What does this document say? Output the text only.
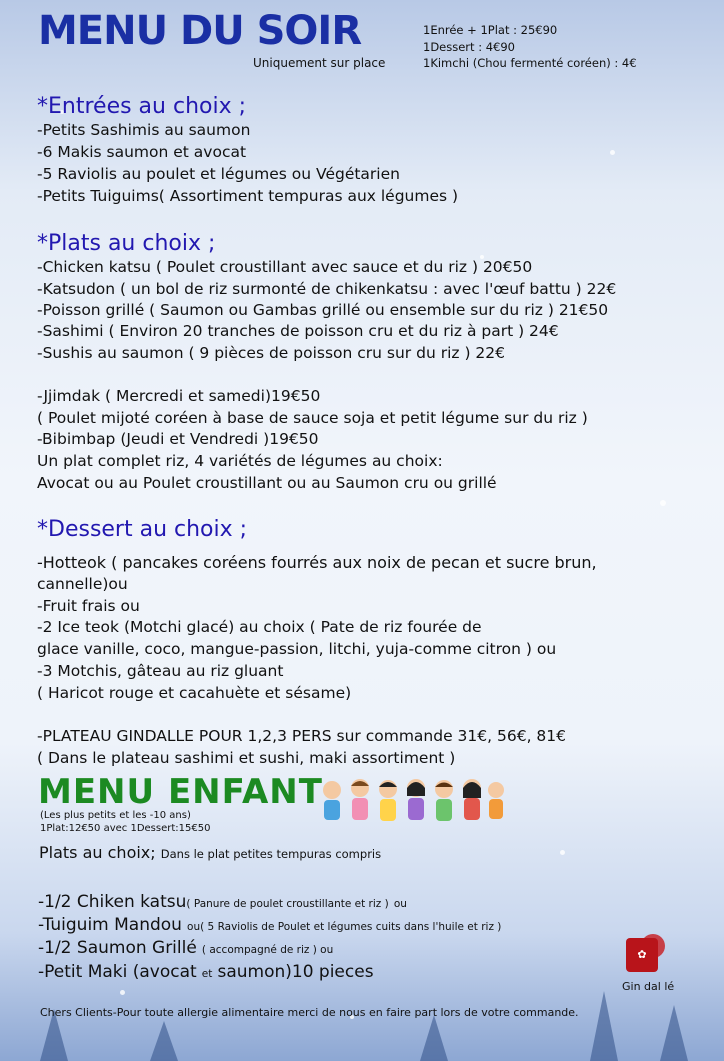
MENU DU SOIR
Uniquement sur place
1Enrée + 1Plat : 25€90
1Dessert : 4€90
1Kimchi (Chou fermenté coréen) : 4€
*Entrées au choix ;
-Petits Sashimis au saumon
-6 Makis saumon et avocat
-5 Raviolis au poulet et légumes ou Végétarien
-Petits Tuiguims( Assortiment tempuras aux légumes )
*Plats au choix ;
-Chicken katsu ( Poulet croustillant avec sauce et du riz ) 20€50
-Katsudon ( un bol de riz surmonté de chikenkatsu : avec l'œuf battu ) 22€
-Poisson grillé ( Saumon ou Gambas grillé ou ensemble sur du riz ) 21€50
-Sashimi ( Environ 20 tranches de poisson cru et du riz à part ) 24€
-Sushis au saumon ( 9 pièces de poisson cru sur du riz ) 22€
-Jjimdak ( Mercredi et samedi)19€50
( Poulet mijoté coréen à base de sauce soja et petit légume sur du riz )
-Bibimbap (Jeudi et Vendredi )19€50
Un plat complet riz, 4 variétés de légumes au choix:
Avocat ou au Poulet croustillant ou au Saumon cru ou grillé
*Dessert au choix ;
-Hotteok ( pancakes coréens fourrés aux noix de pecan et sucre brun,
cannelle)ou
-Fruit frais ou
-2 Ice teok (Motchi glacé) au choix ( Pate de riz fourée de
glace vanille, coco, mangue-passion, litchi, yuja-comme citron ) ou
-3 Motchis, gâteau au riz gluant
( Haricot rouge et cacahuète et sésame)
-PLATEAU GINDALLE POUR 1,2,3 PERS sur commande 31€, 56€, 81€
( Dans le plateau sashimi et sushi, maki assortiment )
MENU ENFANT
(Les plus petits et les -10 ans)
1Plat:12€50 avec 1Dessert:15€50
Plats au choix; Dans le plat petites tempuras compris
-1/2 Chiken katsu( Panure de poulet croustillante et riz ) ou
-Tuiguim Mandou ou( 5 Raviolis de Poulet et légumes cuits dans l'huile et riz )
-1/2 Saumon Grillé ( accompagné de riz ) ou
-Petit Maki (avocat et saumon)10 pieces
✿
Gin dal lé
Chers Clients-Pour toute allergie alimentaire merci de nous en faire part lors de votre commande.
